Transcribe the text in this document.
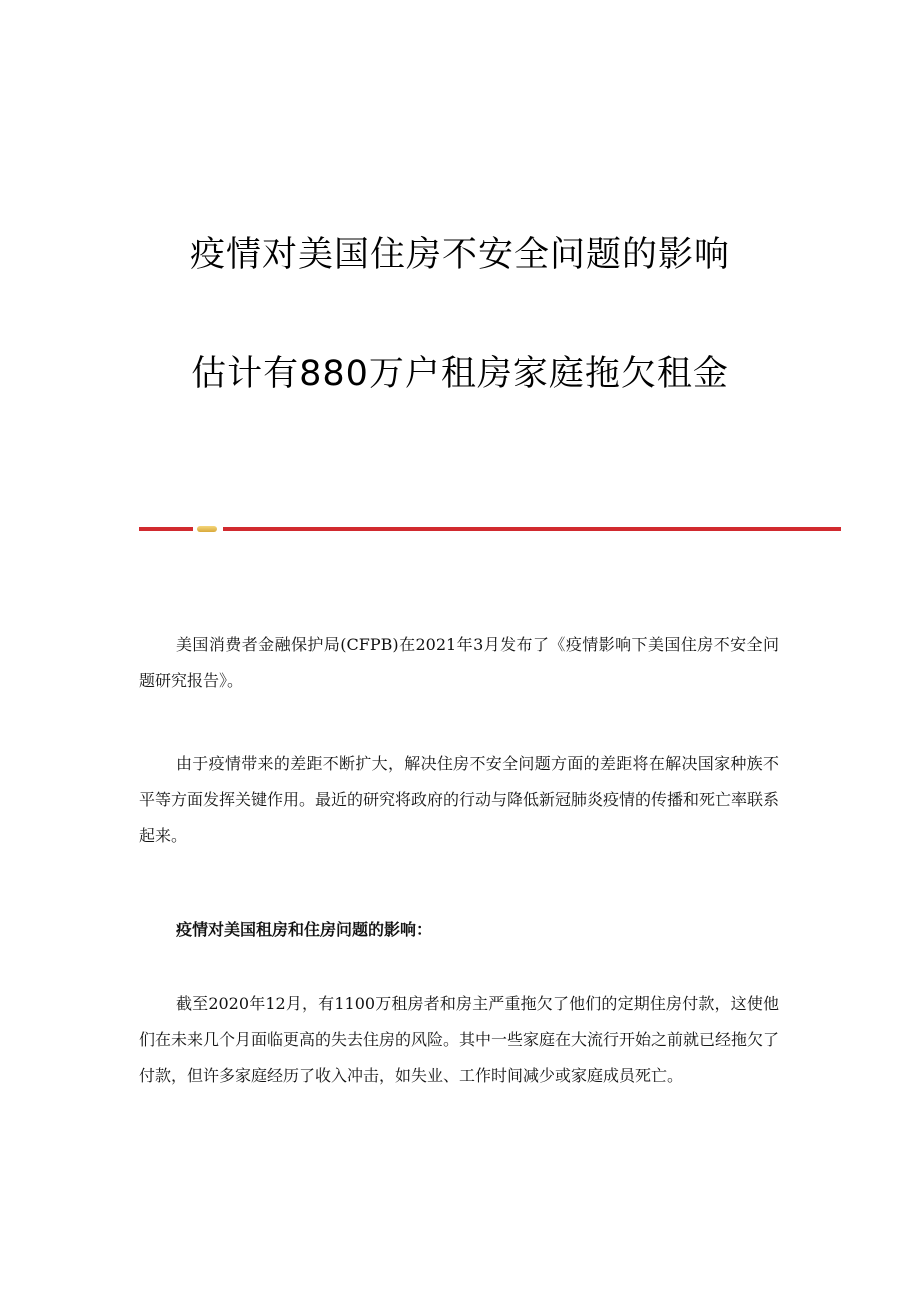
疫情对美国住房不安全问题的影响
估计有880万户租房家庭拖欠租金

美国消费者金融保护局(CFPB)在2021年3月发布了《疫情影响下美国住房不安全问题研究报告》。

由于疫情带来的差距不断扩大，解决住房不安全问题方面的差距将在解决国家种族不平等方面发挥关键作用。最近的研究将政府的行动与降低新冠肺炎疫情的传播和死亡率联系起来。

疫情对美国租房和住房问题的影响：

截至2020年12月，有1100万租房者和房主严重拖欠了他们的定期住房付款，这使他们在未来几个月面临更高的失去住房的风险。其中一些家庭在大流行开始之前就已经拖欠了付款，但许多家庭经历了收入冲击，如失业、工作时间减少或家庭成员死亡。
